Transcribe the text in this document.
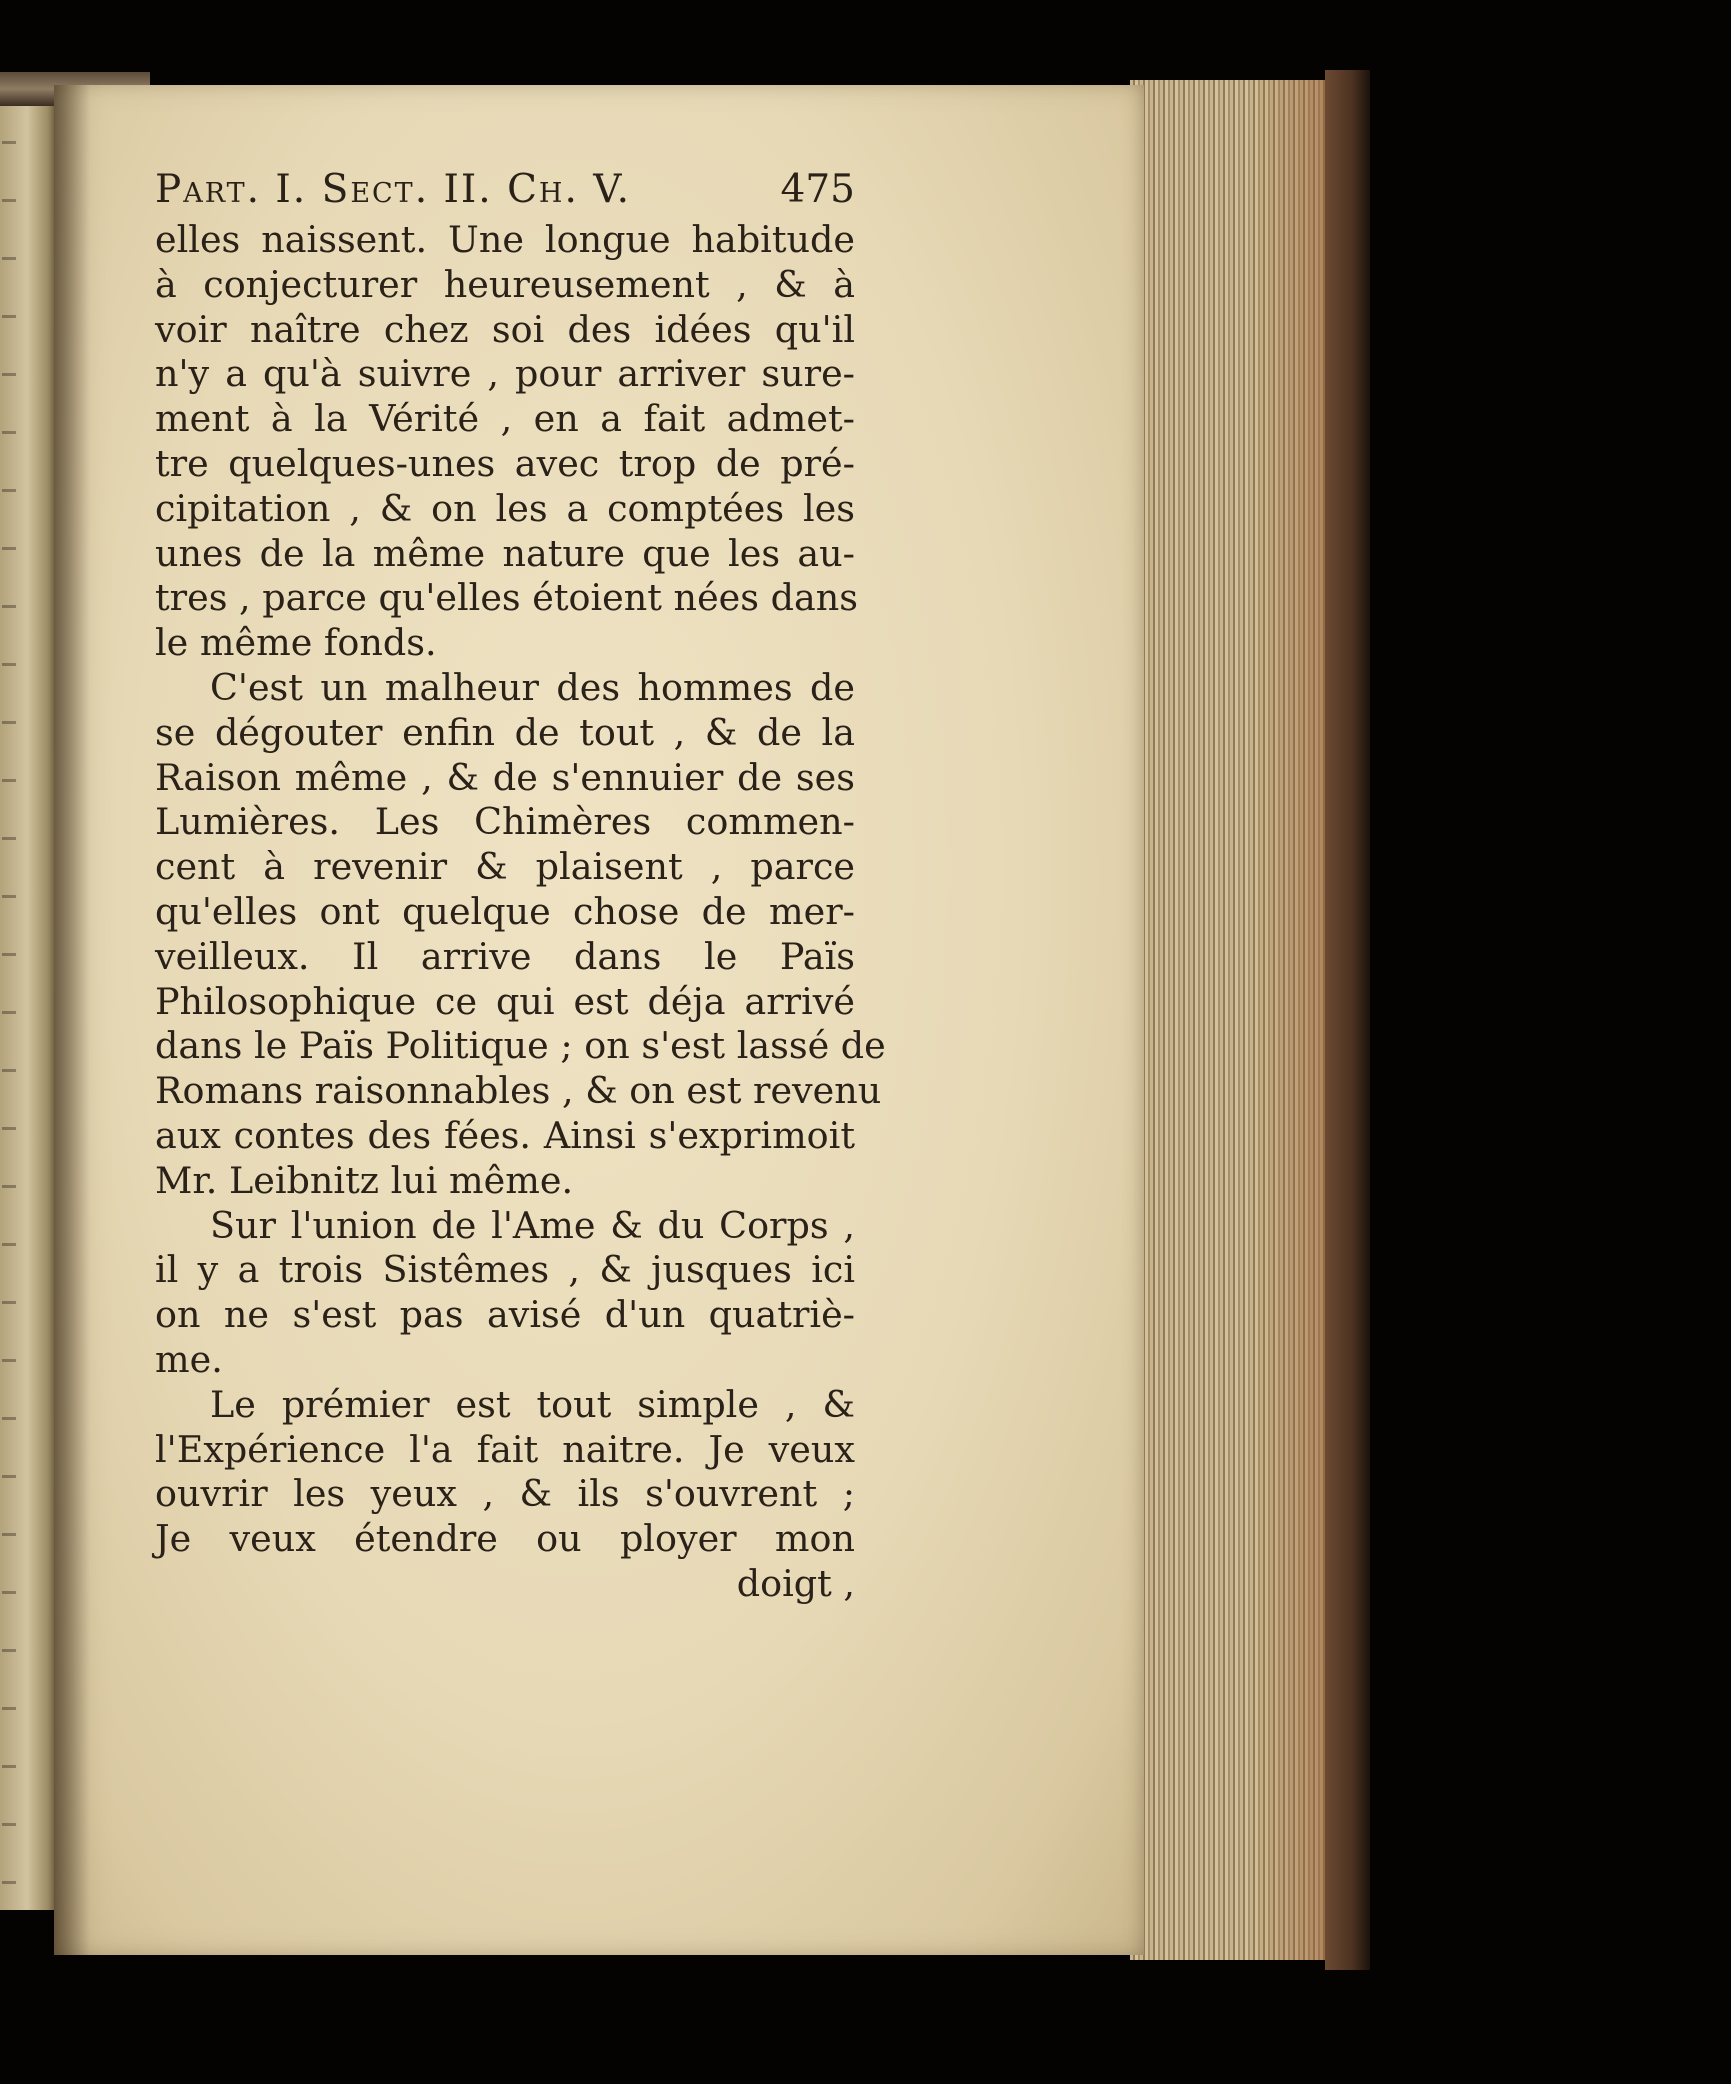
Part. I. Sect. II. Ch. V.	475
elles naissent. Une longue habitude
à conjecturer heureusement , & à
voir naître chez soi des idées qu'il
n'y a qu'à suivre , pour arriver sure-
ment à la Vérité , en a fait admet-
tre quelques-unes avec trop de pré-
cipitation , & on les a comptées les
unes de la même nature que les au-
tres , parce qu'elles étoient nées dans
le même fonds.
C'est un malheur des hommes de
se dégouter enfin de tout , & de la
Raison même , & de s'ennuier de ses
Lumières. Les Chimères commen-
cent à revenir & plaisent , parce
qu'elles ont quelque chose de mer-
veilleux. Il arrive dans le Païs
Philosophique ce qui est déja arrivé
dans le Païs Politique ; on s'est lassé de
Romans raisonnables , & on est revenu
aux contes des fées. Ainsi s'exprimoit
Mr. Leibnitz lui même.
Sur l'union de l'Ame & du Corps ,
il y a trois Sistêmes , & jusques ici
on ne s'est pas avisé d'un quatriè-
me.
Le prémier est tout simple , &
l'Expérience l'a fait naitre. Je veux
ouvrir les yeux , & ils s'ouvrent ;
Je veux étendre ou ployer mon
doigt ,
